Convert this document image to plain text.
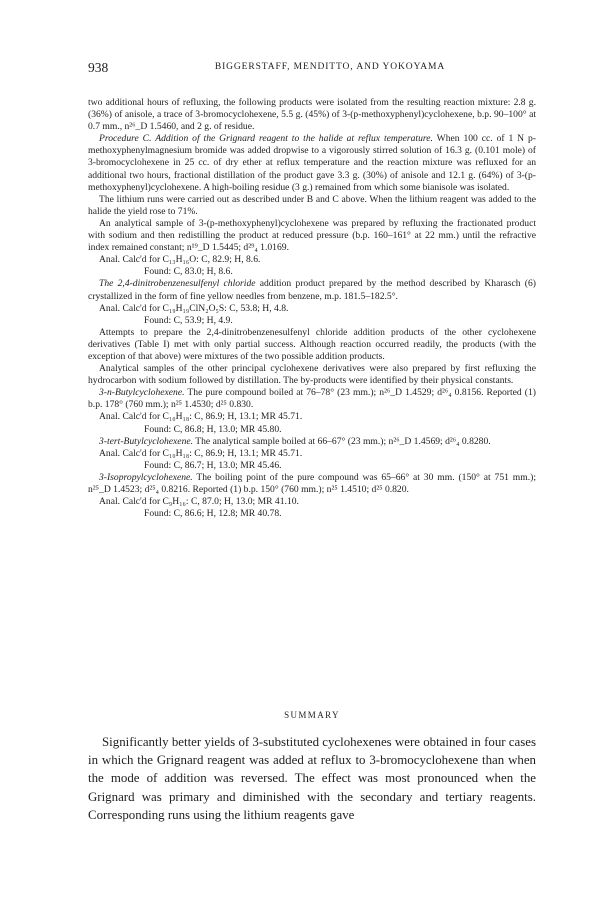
938	BIGGERSTAFF, MENDITTO, AND YOKOYAMA

two additional hours of refluxing, the following products were isolated from the resulting reaction mixture: 2.8 g. (36%) of anisole, a trace of 3-bromocyclohexene, 5.5 g. (45%) of 3-(p-methoxyphenyl)cyclohexene, b.p. 90–100° at 0.7 mm., n²⁶_D 1.5460, and 2 g. of residue.

Procedure C. Addition of the Grignard reagent to the halide at reflux temperature. When 100 cc. of 1 N p-methoxyphenylmagnesium bromide was added dropwise to a vigorously stirred solution of 16.3 g. (0.101 mole) of 3-bromocyclohexene in 25 cc. of dry ether at reflux temperature and the reaction mixture was refluxed for an additional two hours, fractional distillation of the product gave 3.3 g. (30%) of anisole and 12.1 g. (64%) of 3-(p-methoxyphenyl)cyclohexene. A high-boiling residue (3 g.) remained from which some bianisole was isolated.

The lithium runs were carried out as described under B and C above. When the lithium reagent was added to the halide the yield rose to 71%.

An analytical sample of 3-(p-methoxyphenyl)cyclohexene was prepared by refluxing the fractionated product with sodium and then redistilling the product at reduced pressure (b.p. 160–161° at 22 mm.) until the refractive index remained constant; n¹⁹_D 1.5445; d²⁹₄ 1.0169.

Anal. Calc'd for C₁₃H₁₆O: C, 82.9; H, 8.6.

Found: C, 83.0; H, 8.6.

The 2,4-dinitrobenzenesulfenyl chloride addition product prepared by the method described by Kharasch (6) crystallized in the form of fine yellow needles from benzene, m.p. 181.5–182.5°.

Anal. Calc'd for C₁₉H₁₉ClN₂O₅S: C, 53.8; H, 4.8.

Found: C, 53.9; H, 4.9.

Attempts to prepare the 2,4-dinitrobenzenesulfenyl chloride addition products of the other cyclohexene derivatives (Table I) met with only partial success. Although reaction occurred readily, the products (with the exception of that above) were mixtures of the two possible addition products.

Analytical samples of the other principal cyclohexene derivatives were also prepared by first refluxing the hydrocarbon with sodium followed by distillation. The by-products were identified by their physical constants.

3-n-Butylcyclohexene. The pure compound boiled at 76–78° (23 mm.); n²⁶_D 1.4529; d²⁶₄ 0.8156. Reported (1) b.p. 178° (760 mm.); n²⁵ 1.4530; d²⁵ 0.830.

Anal. Calc'd for C₁₀H₁₈: C, 86.9; H, 13.1; MR 45.71.

Found: C, 86.8; H, 13.0; MR 45.80.

3-tert-Butylcyclohexene. The analytical sample boiled at 66–67° (23 mm.); n²⁶_D 1.4569; d²⁶₄ 0.8280.

Anal. Calc'd for C₁₀H₁₈: C, 86.9; H, 13.1; MR 45.71.

Found: C, 86.7; H, 13.0; MR 45.46.

3-Isopropylcyclohexene. The boiling point of the pure compound was 65–66° at 30 mm. (150° at 751 mm.); n²⁵_D 1.4523; d²⁵₄ 0.8216. Reported (1) b.p. 150° (760 mm.); n²⁵ 1.4510; d²⁵ 0.820.

Anal. Calc'd for C₉H₁₆: C, 87.0; H, 13.0; MR 41.10.

Found: C, 86.6; H, 12.8; MR 40.78.

SUMMARY

Significantly better yields of 3-substituted cyclohexenes were obtained in four cases in which the Grignard reagent was added at reflux to 3-bromocyclohexene than when the mode of addition was reversed. The effect was most pronounced when the Grignard was primary and diminished with the secondary and tertiary reagents. Corresponding runs using the lithium reagents gave
